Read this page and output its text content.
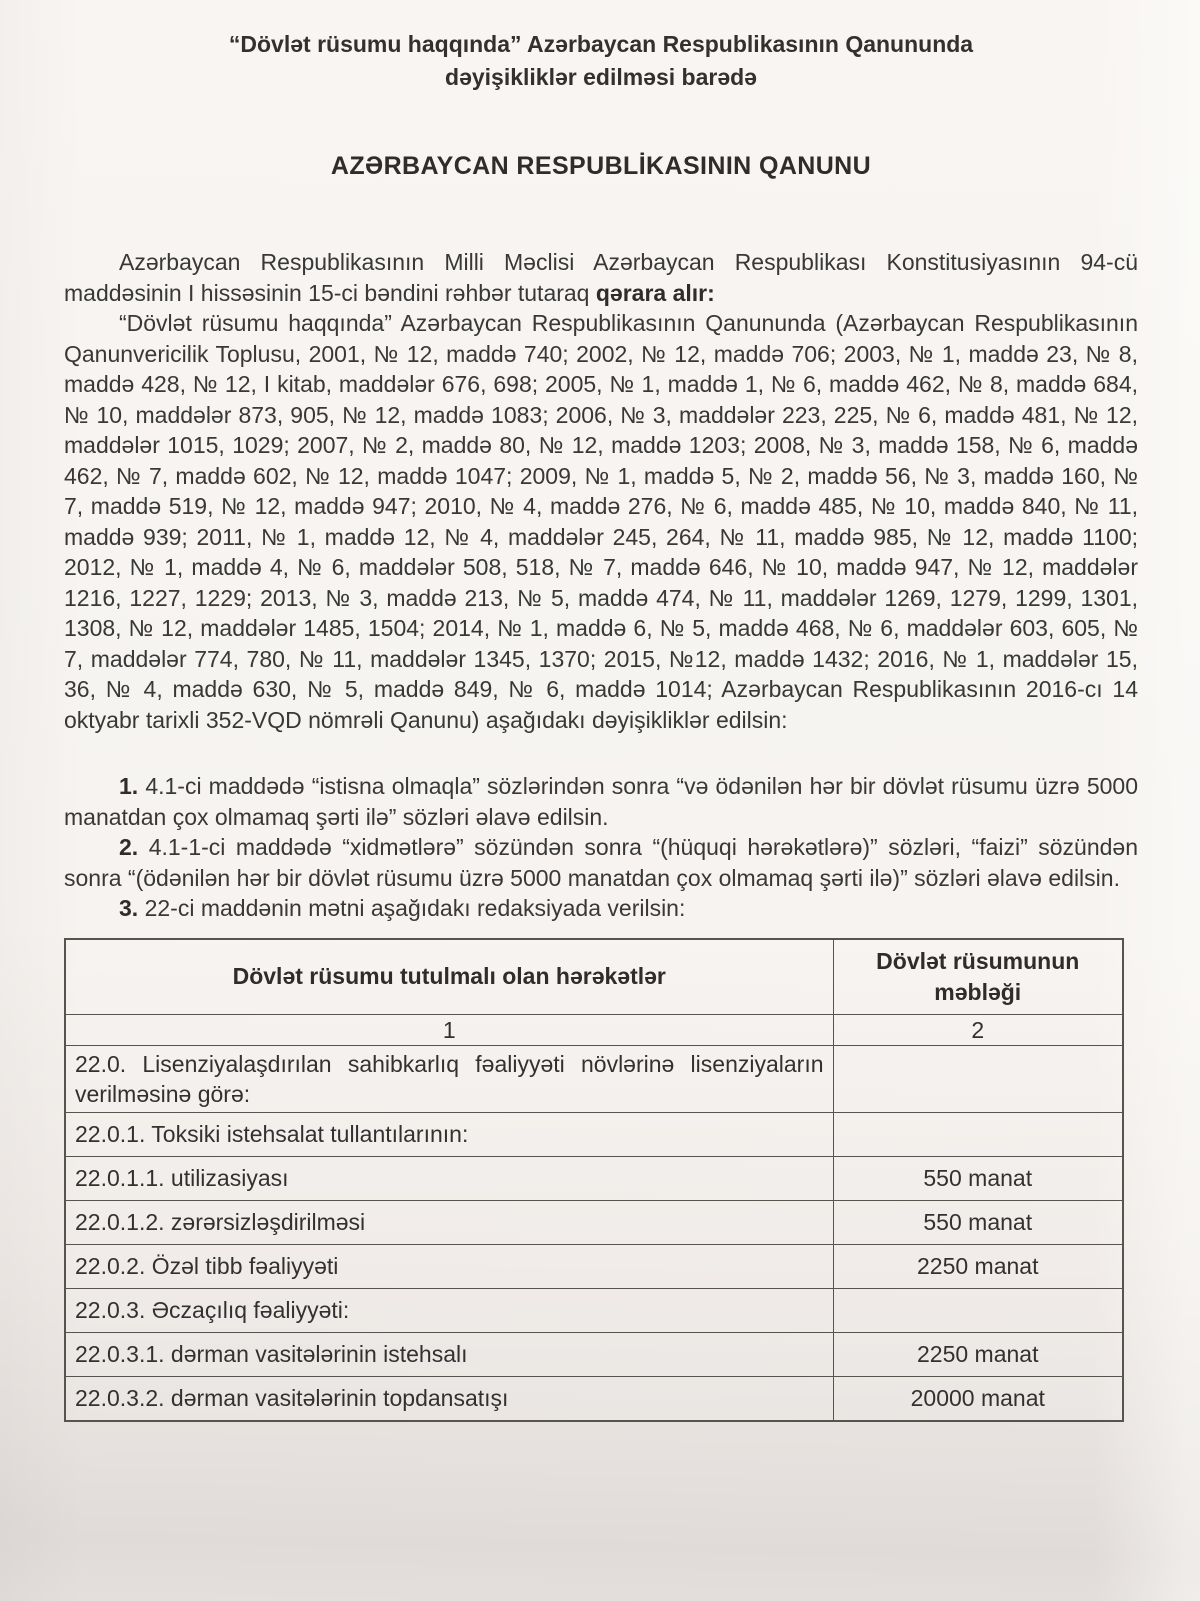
“Dövlət rüsumu haqqında” Azərbaycan Respublikasının Qanununda
dəyişikliklər edilməsi barədə
AZƏRBAYCAN RESPUBLİKASININ QANUNU

Azərbaycan Respublikasının Milli Məclisi Azərbaycan Respublikası Konstitusiyasının 94-cü maddəsinin I hissəsinin 15-ci bəndini rəhbər tutaraq qərara alır:

“Dövlət rüsumu haqqında” Azərbaycan Respublikasının Qanununda (Azərbaycan Respublikasının Qanunvericilik Toplusu, 2001, № 12, maddə 740; 2002, № 12, maddə 706; 2003, № 1, maddə 23, № 8, maddə 428, № 12, I kitab, maddələr 676, 698; 2005, № 1, maddə 1, № 6, maddə 462, № 8, maddə 684, № 10, maddələr 873, 905, № 12, maddə 1083; 2006, № 3, maddələr 223, 225, № 6, maddə 481, № 12, maddələr 1015, 1029; 2007, № 2, maddə 80, № 12, maddə 1203; 2008, № 3, maddə 158, № 6, maddə 462, № 7, maddə 602, № 12, maddə 1047; 2009, № 1, maddə 5, № 2, maddə 56, № 3, maddə 160, № 7, maddə 519, № 12, maddə 947; 2010, № 4, maddə 276, № 6, maddə 485, № 10, maddə 840, № 11, maddə 939; 2011, № 1, maddə 12, № 4, maddələr 245, 264, № 11, maddə 985, № 12, maddə 1100; 2012, № 1, maddə 4, № 6, maddələr 508, 518, № 7, maddə 646, № 10, maddə 947, № 12, maddələr 1216, 1227, 1229; 2013, № 3, maddə 213, № 5, maddə 474, № 11, maddələr 1269, 1279, 1299, 1301, 1308, № 12, maddələr 1485, 1504; 2014, № 1, maddə 6, № 5, maddə 468, № 6, maddələr 603, 605, № 7, maddələr 774, 780, № 11, maddələr 1345, 1370; 2015, №12, maddə 1432; 2016, № 1, maddələr 15, 36, № 4, maddə 630, № 5, maddə 849, № 6, maddə 1014; Azərbaycan Respublikasının 2016-cı 14 oktyabr tarixli 352-VQD nömrəli Qanunu) aşağıdakı dəyişikliklər edilsin:

1. 4.1-ci maddədə “istisna olmaqla” sözlərindən sonra “və ödənilən hər bir dövlət rüsumu üzrə 5000 manatdan çox olmamaq şərti ilə” sözləri əlavə edilsin.

2. 4.1-1-ci maddədə “xidmətlərə” sözündən sonra “(hüquqi hərəkətlərə)” sözləri, “faizi” sözündən sonra “(ödənilən hər bir dövlət rüsumu üzrə 5000 manatdan çox olmamaq şərti ilə)” sözləri əlavə edilsin.

3. 22-ci maddənin mətni aşağıdakı redaksiyada verilsin:

Dövlət rüsumu tutulmalı olan hərəkətlər	Dövlət rüsumunun məbləği
1	2
22.0. Lisenziyalaşdırılan sahibkarlıq fəaliyyəti növlərinə lisenziyaların verilməsinə görə:	
22.0.1. Toksiki istehsalat tullantılarının:	
22.0.1.1. utilizasiyası	550 manat
22.0.1.2. zərərsizləşdirilməsi	550 manat
22.0.2. Özəl tibb fəaliyyəti	2250 manat
22.0.3. Əczaçılıq fəaliyyəti:	
22.0.3.1. dərman vasitələrinin istehsalı	2250 manat
22.0.3.2. dərman vasitələrinin topdansatışı	20000 manat
